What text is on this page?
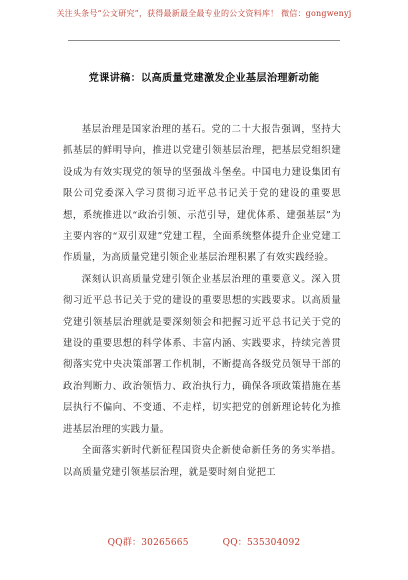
关注头条号“公文研究”，获得最新最全最专业的公文资料库！ 微信：gongwenyj
党课讲稿：以高质量党建激发企业基层治理新动能

基层治理是国家治理的基石。党的二十大报告强调，坚持大抓基层的鲜明导向，推进以党建引领基层治理，把基层党组织建设成为有效实现党的领导的坚强战斗堡垒。中国电力建设集团有限公司党委深入学习贯彻习近平总书记关于党的建设的重要思想，系统推进以“政治引领、示范引导，建优体系、建强基层”为主要内容的“双引双建”党建工程，全面系统整体提升企业党建工作质量，为高质量党建引领企业基层治理积累了有效实践经验。

深刻认识高质量党建引领企业基层治理的重要意义。深入贯彻习近平总书记关于党的建设的重要思想的实践要求。以高质量党建引领基层治理就是要深刻领会和把握习近平总书记关于党的建设的重要思想的科学体系、丰富内涵、实践要求，持续完善贯彻落实党中央决策部署工作机制，不断提高各级党员领导干部的政治判断力、政治领悟力、政治执行力，确保各项政策措施在基层执行不偏向、不变通、不走样，切实把党的创新理论转化为推进基层治理的实践力量。

全面落实新时代新征程国资央企新使命新任务的务实举措。以高质量党建引领基层治理，就是要时刻自觉把工

QQ群：30265665	QQ：535304092
